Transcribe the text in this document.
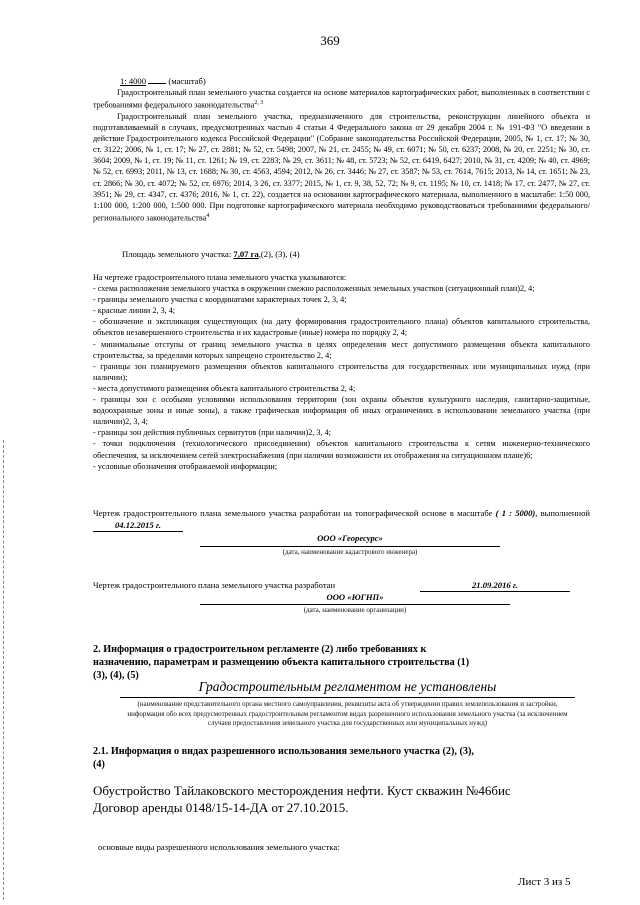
369
1: 4000	(масштаб)
Градостроительный план земельного участка создается на основе материалов картографических работ, выполненных в соответствии с требованиями федерального законодательства$^{2, 3}$
Градостроительный план земельного участка, предназначенного для строительства, реконструкции линейного объекта и подготавливаемый в случаях, предусмотренных частью 4 статьи 4 Федерального закона от 29 декабря 2004 г. № 191-ФЗ "О введении в действие Градостроительного кодекса Российской Федерации" (Собрание законодательства Российской Федерации, 2005, № 1, ст. 17; № 30, ст. 3122; 2006, № 1, ст. 17; № 27, ст. 2881; № 52, ст. 5498; 2007, № 21, ст. 2455; № 49, ст. 6071; № 50, ст. 6237; 2008, № 20, ст. 2251; № 30, ст. 3604; 2009, № 1, ст. 19; № 11, ст. 1261; № 19, ст. 2283; № 29, ст. 3611; № 48, ст. 5723; № 52, ст. 6419, 6427; 2010, № 31, ст. 4209; № 40, ст. 4969; № 52, ст. 6993; 2011, № 13, ст. 1688; № 30, ст. 4563, 4594; 2012, № 26, ст. 3446; № 27, ст. 3587; № 53, ст. 7614, 7615; 2013, № 14, ст. 1651; № 23, ст. 2866; № 30, ст. 4072; № 52, ст. 6976; 2014, 3 26, ст. 3377; 2015, № 1, ст. 9, 38, 52, 72; № 9, ст. 1195; № 10, ст. 1418; № 17, ст. 2477, № 27, ст. 3951; № 29, ст. 4347, ст. 4376; 2016, № 1, ст. 22), создается на основании картографического материала, выполненного в масштабе: 1:50 000, 1:100 000, 1:200 000, 1:500 000. При подготовке картографического материала необходимо руководствоваться требованиями федерального/регионального законодательства$^4$
Площадь земельного участка: 7,07 га,(2), (3), (4)
На чертеже градостроительного плана земельного участка указываются:
- схема расположения земельного участка в окружении смежно расположенных земельных участков (ситуационный план)2, 4;
- границы земельного участка с координатами характерных точек 2, 3, 4;
- красные линии 2, 3, 4;
- обозначение и экспликация существующих (на дату формирования градостроительного плана) объектов капитального строительства, объектов незавершенного строительства и их кадастровые (иные) номера по порядку 2, 4;
- минимальные отступы от границ земельного участка в целях определения мест допустимого размещения объекта капитального строительства, за пределами которых запрещено строительство 2, 4;
- границы зон планируемого размещения объектов капитального строительства для государственных или муниципальных нужд (при наличии);
- места допустимого размещения объекта капитального строительства 2, 4;
- границы зон с особыми условиями использования территории (зон охраны объектов культурного наследия, санитарно-защитные, водоохранные зоны и иные зоны), а также графическая информация об иных ограничениях в использовании земельного участка (при наличии)2, 3, 4;
- границы зон действия публичных сервитутов (при наличии)2, 3, 4;
- точки подключения (технологического присоединения) объектов капитального строительства к сетям инженерно-технического обеспечения, за исключением сетей электроснабжения (при наличии возможности их отображения на ситуационном плане)6;
- условные обозначения отображаемой информации;
Чертеж градостроительного плана земельного участка разработан на топографической основе в масштабе ( 1 : 5000), выполненной 04.12.2015 г.
ООО «Георесурс»
(дата, наименование кадастрового инженера)
Чертеж градостроительного плана земельного участка разработан	21.09.2016 г.
ООО «ЮГНП»
(дата, наименование организации)
2. Информация о градостроительном регламенте (2) либо требованиях к назначению, параметрам и размещению объекта капитального строительства (1) (3), (4), (5)
Градостроительным регламентом не установлены
(наименование представительного органа местного самоуправления, реквизиты акта об утверждении правил землепользования и застройки, информация обо всех предусмотренных градостроительным регламентом видах разрешенного использования земельного участка (за исключением случаев предоставления земельного участка для государственных или муниципальных нужд)
2.1. Информация о видах разрешенного использования земельного участка (2), (3), (4)
Обустройство Тайлаковского месторождения нефти. Куст скважин №46бис Договор аренды 0148/15-14-ДА от 27.10.2015.
основные виды разрешенного использования земельного участка:
Лист 3 из 5
